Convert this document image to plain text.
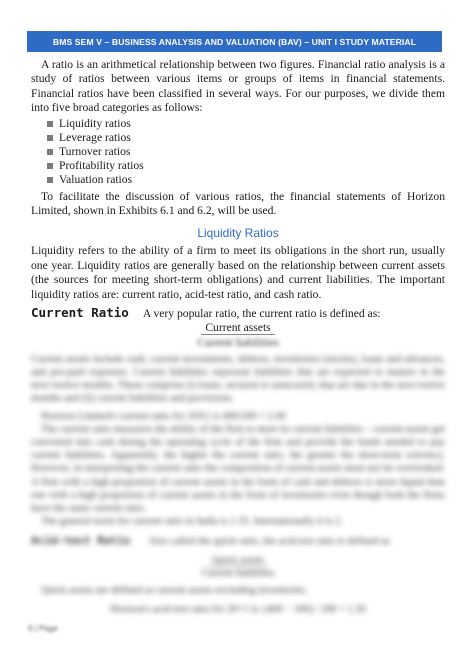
BMS SEM V – BUSINESS ANALYSIS AND VALUATION (BAV) – UNIT I STUDY MATERIAL

A ratio is an arithmetical relationship between two figures. Financial ratio analysis is a study of ratios between various items or groups of items in financial statements. Financial ratios have been classified in several ways. For our purposes, we divide them into five broad categories as follows:

Liquidity ratios
Leverage ratios
Turnover ratios
Profitability ratios
Valuation ratios

To facilitate the discussion of various ratios, the financial statements of Horizon Limited, shown in Exhibits 6.1 and 6.2, will be used.

Liquidity Ratios

Liquidity refers to the ability of a firm to meet its obligations in the short run, usually one year. Liquidity ratios are generally based on the relationship between current assets (the sources for meeting short-term obligations) and current liabilities. The important liquidity ratios are: current ratio, acid-test ratio, and cash ratio.

Current Ratio A very popular ratio, the current ratio is defined as:
Current assets
Current liabilities

Current assets include cash, current investments, debtors, inventories (stocks), loans and advances, and pre-paid expenses. Current liabilities represent liabilities that are expected to mature in the next twelve months. These comprise (i) loans, secured or unsecured, that are due in the next twelve months and (ii) current liabilities and provisions.

Horizon Limited's current ratio for 20X1 is 400/200 = 2.00

The current ratio measures the ability of the firm to meet its current liabilities – current assets get converted into cash during the operating cycle of the firm and provide the funds needed to pay current liabilities. Apparently, the higher the current ratio, the greater the short-term solvency. However, in interpreting the current ratio the composition of current assets must not be overlooked. A firm with a high proportion of current assets in the form of cash and debtors is more liquid than one with a high proportion of current assets in the form of inventories even though both the firms have the same current ratio.

The general norm for current ratio in India is 1.33. Internationally it is 2.

Acid-test Ratio Also called the quick ratio, the acid-test ratio is defined as
Quick assets
Current liabilities

Quick assets are defined as current assets excluding inventories.

Horizon's acid-test ratio for 20×1 is: (400 − 160) / 200 = 1.20
6 | Page
